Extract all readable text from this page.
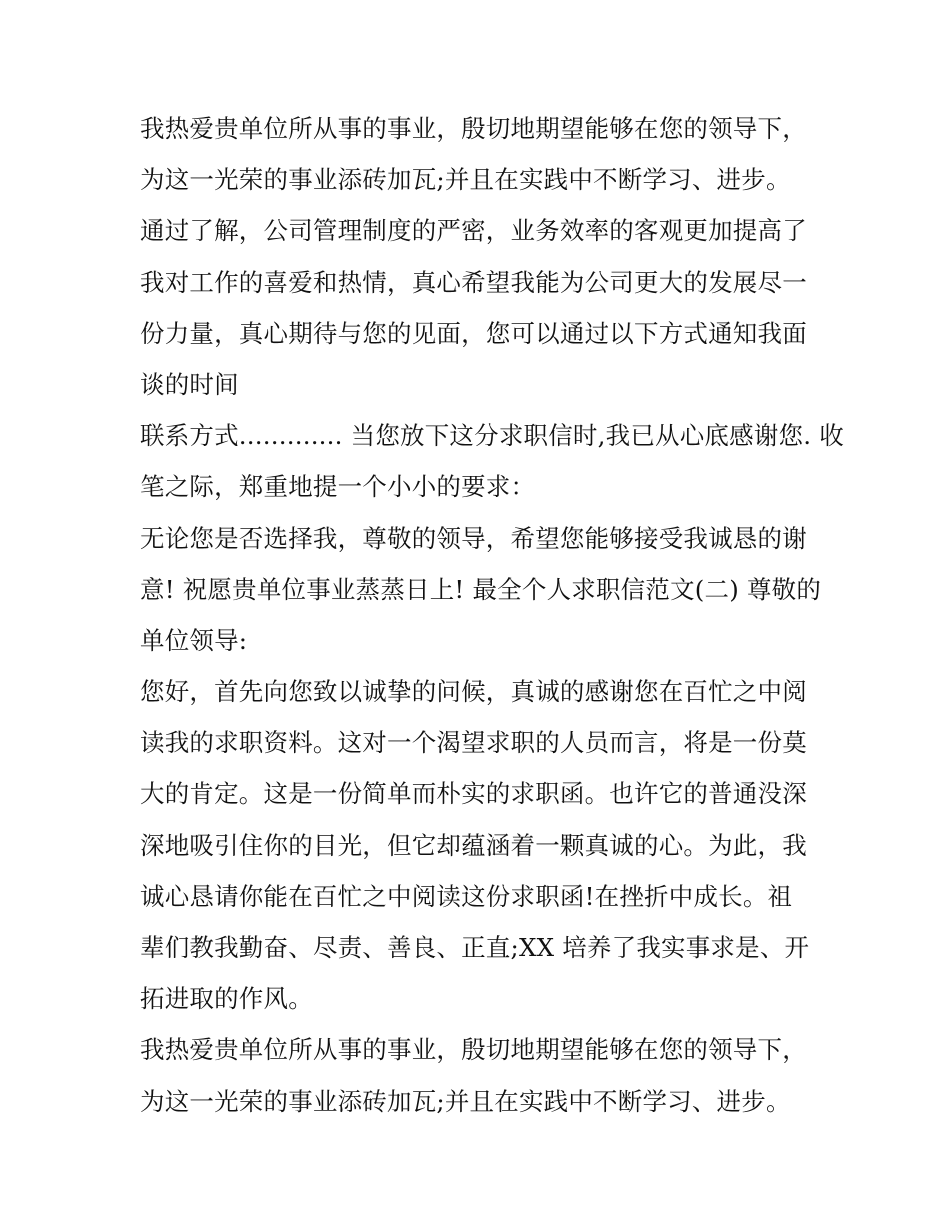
我热爱贵单位所从事的事业，殷切地期望能够在您的领导下，
为这一光荣的事业添砖加瓦;并且在实践中不断学习、进步。
通过了解，公司管理制度的严密，业务效率的客观更加提高了
我对工作的喜爱和热情，真心希望我能为公司更大的发展尽一
份力量，真心期待与您的见面，您可以通过以下方式通知我面
谈的时间
联系方式............. 当您放下这分求职信时,我已从心底感谢您. 收
笔之际，郑重地提一个小小的要求：
无论您是否选择我，尊敬的领导，希望您能够接受我诚恳的谢
意! 祝愿贵单位事业蒸蒸日上! 最全个人求职信范文(二) 尊敬的
单位领导:
您好，首先向您致以诚挚的问候，真诚的感谢您在百忙之中阅
读我的求职资料。这对一个渴望求职的人员而言，将是一份莫
大的肯定。这是一份简单而朴实的求职函。也许它的普通没深
深地吸引住你的目光，但它却蕴涵着一颗真诚的心。为此，我
诚心恳请你能在百忙之中阅读这份求职函!在挫折中成长。祖
辈们教我勤奋、尽责、善良、正直;XX 培养了我实事求是、开
拓进取的作风。
我热爱贵单位所从事的事业，殷切地期望能够在您的领导下，
为这一光荣的事业添砖加瓦;并且在实践中不断学习、进步。
